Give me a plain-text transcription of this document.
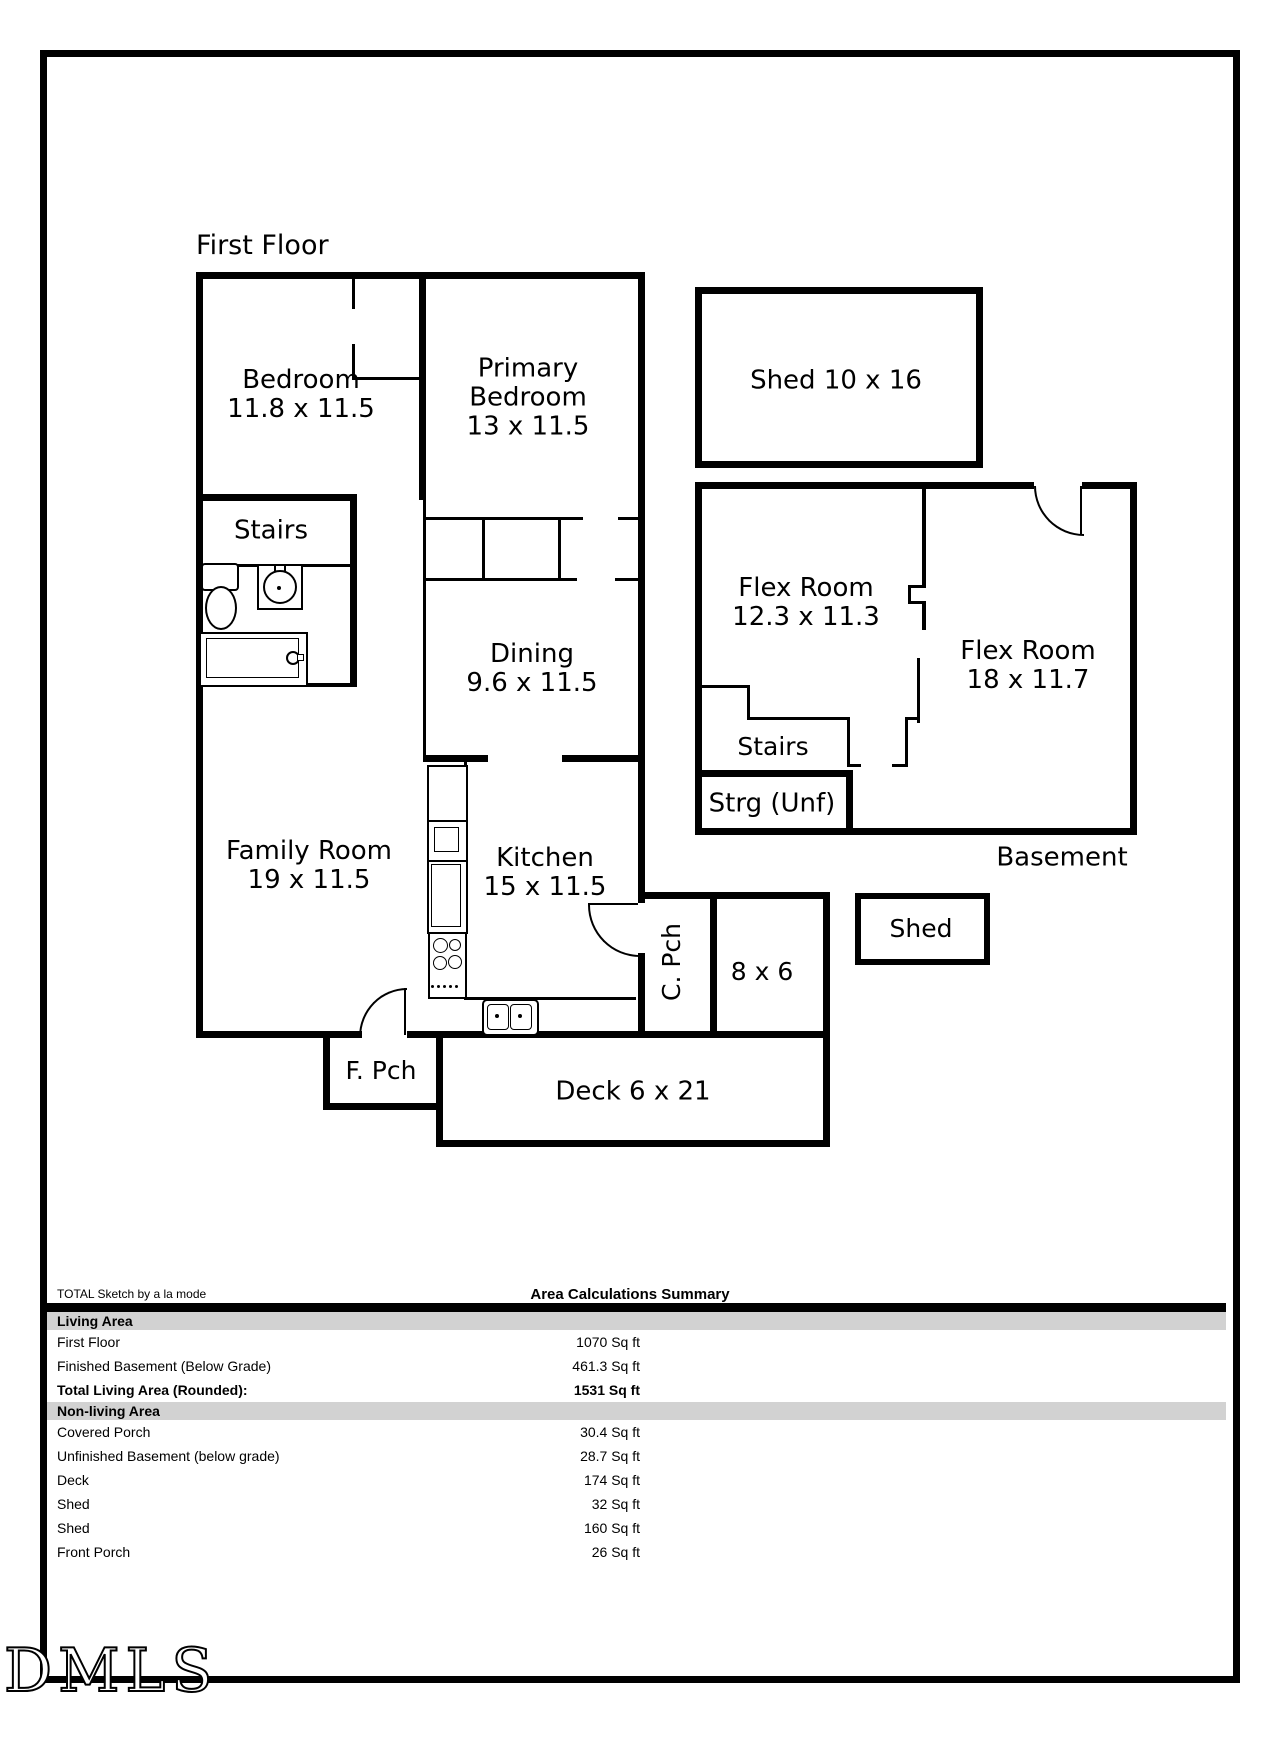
First Floor
Bedroom
11.8 x 11.5
Primary Bedroom
13 x 11.5
Stairs
Dining
9.6 x 11.5
Family Room
19 x 11.5
Kitchen
15 x 11.5
F. Pch
C. Pch 8 x 6
Deck 6 x 21
Shed 10 x 16
Shed
Flex Room
12.3 x 11.3
Flex Room
18 x 11.7
Stairs
Strg (Unf)
Basement
TOTAL Sketch by a la mode	Area Calculations Summary
Living Area
First Floor	1070 Sq ft
Finished Basement (Below Grade)	461.3 Sq ft
Total Living Area (Rounded):	1531 Sq ft
Non-living Area
Covered Porch	30.4 Sq ft
Unfinished Basement (below grade)	28.7 Sq ft
Deck	174 Sq ft
Shed	32 Sq ft
Shed	160 Sq ft
Front Porch	26 Sq ft
DMLS
